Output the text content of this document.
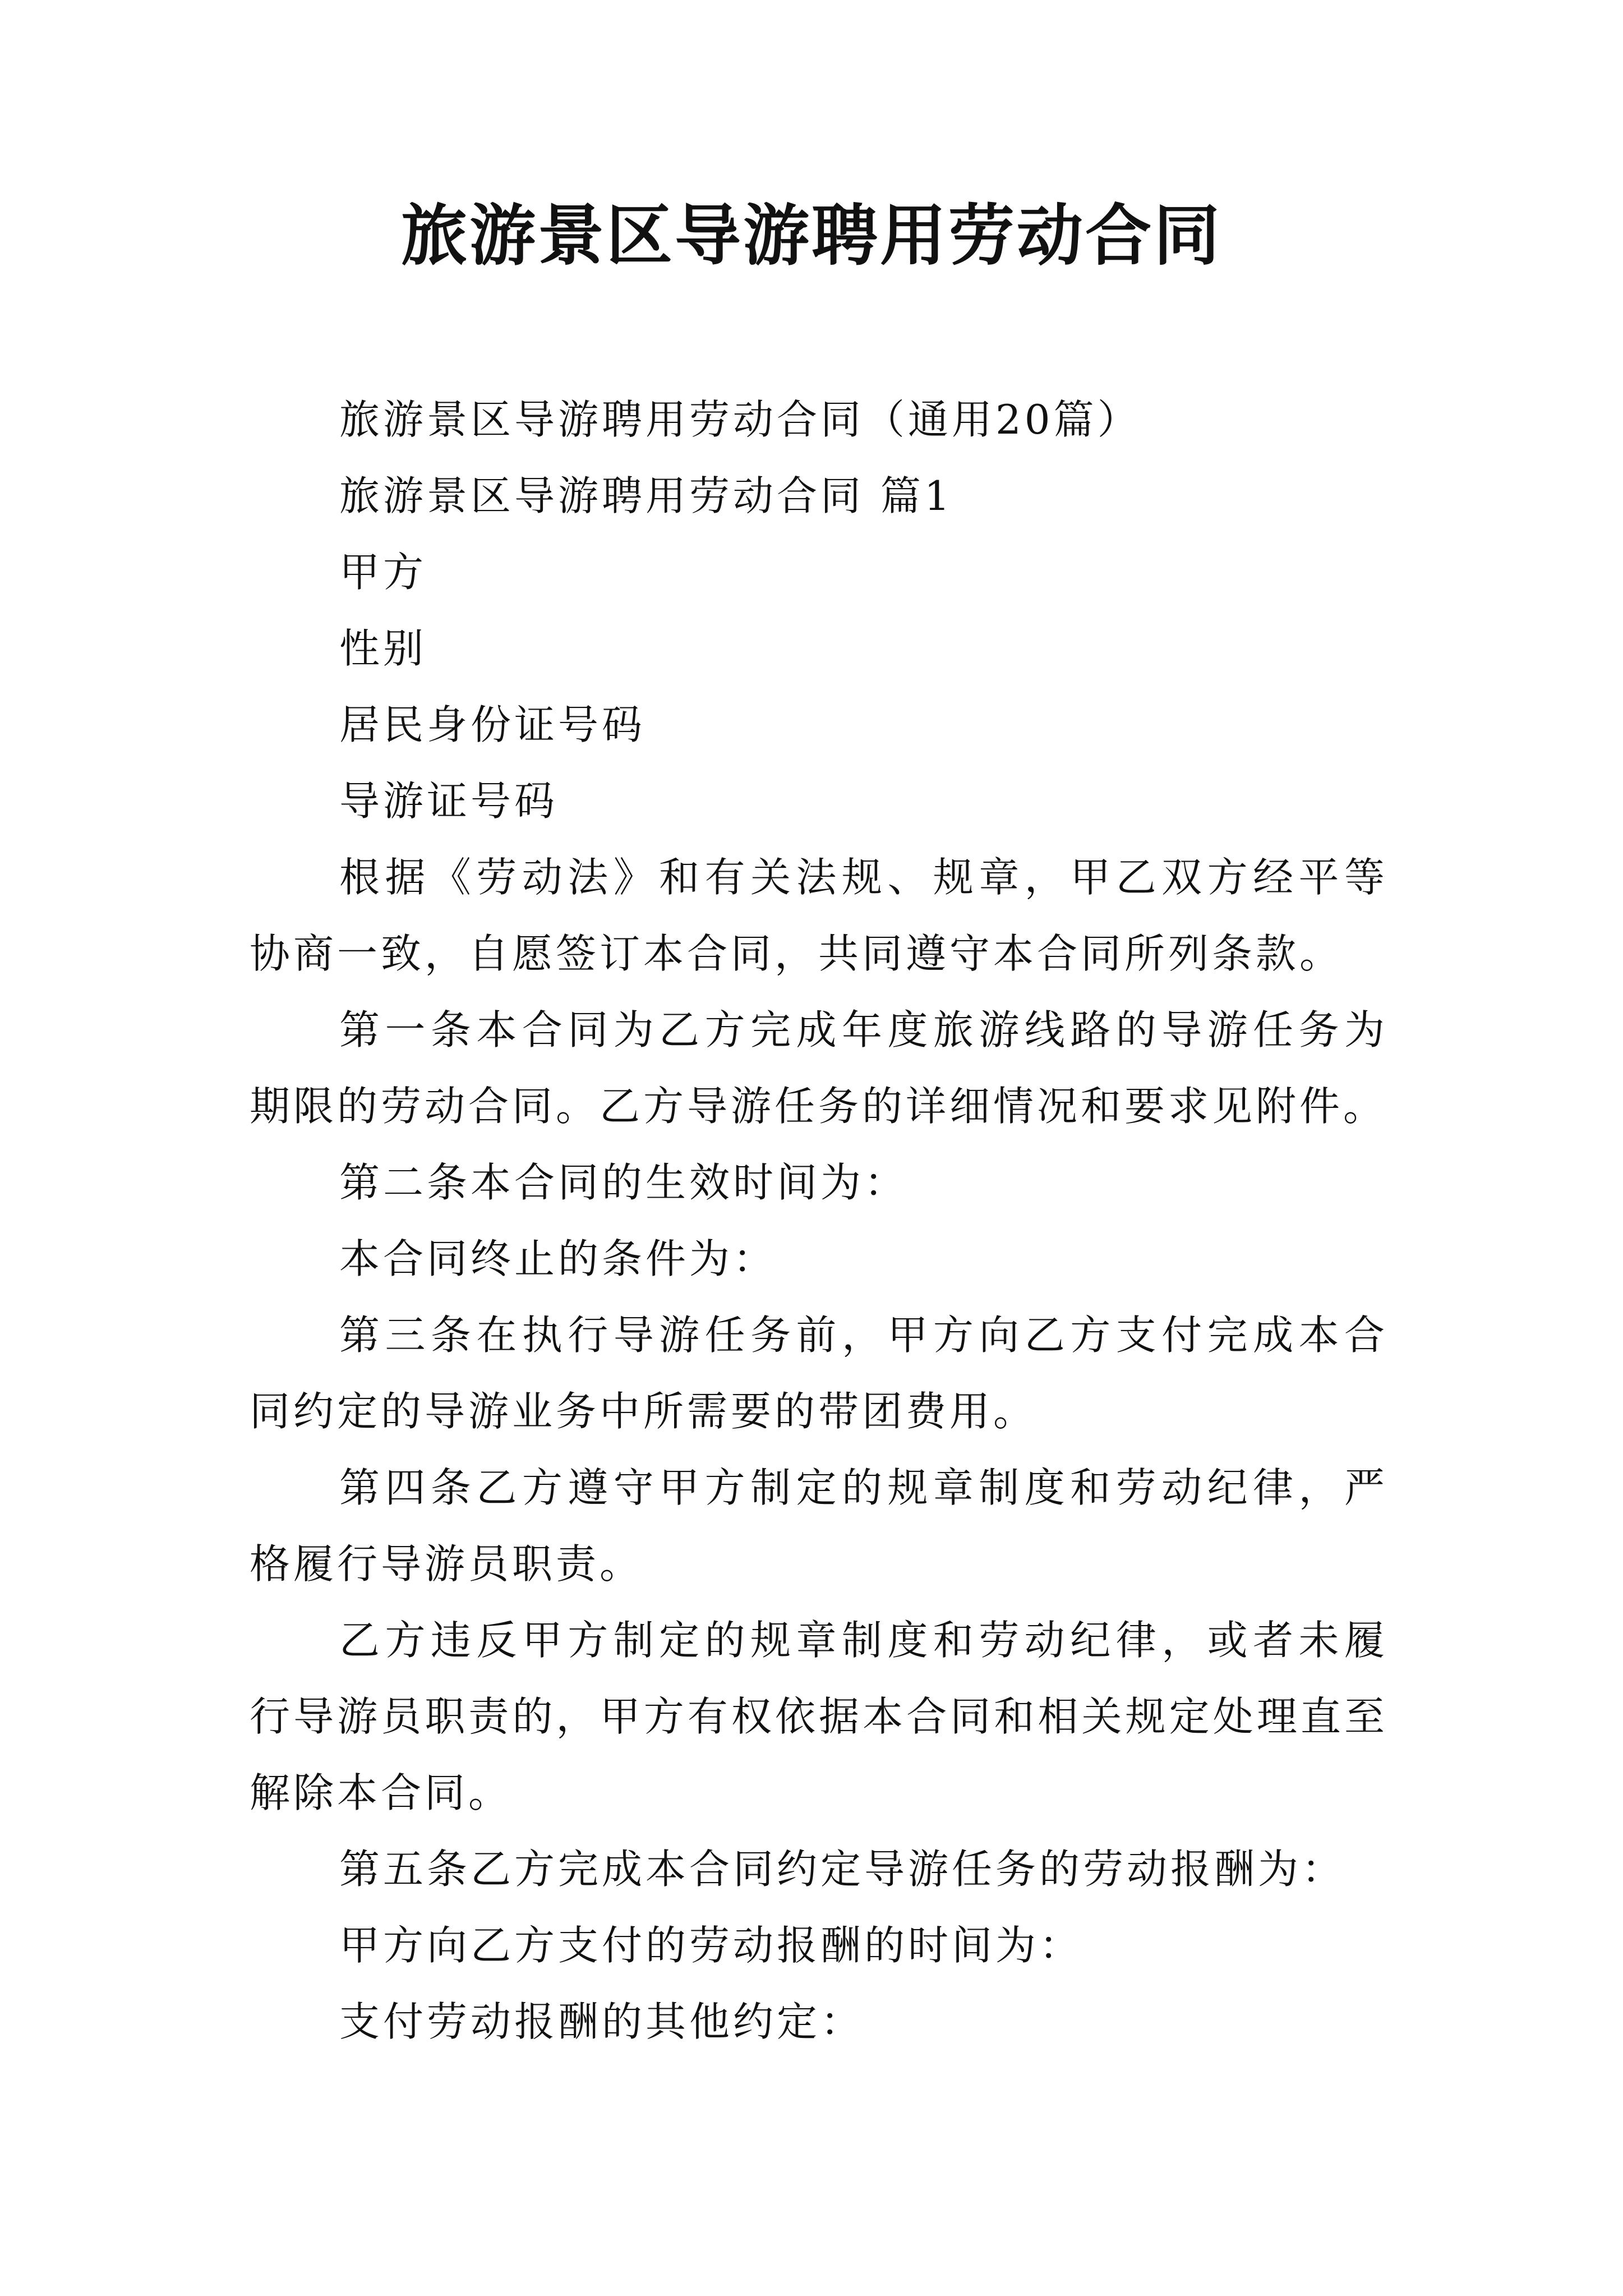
旅游景区导游聘用劳动合同

旅游景区导游聘用劳动合同（通用20篇）

旅游景区导游聘用劳动合同 篇1

甲方

性别

居民身份证号码

导游证号码

根据《劳动法》和有关法规、规章，甲乙双方经平等协商一致，自愿签订本合同，共同遵守本合同所列条款。

第一条本合同为乙方完成年度旅游线路的导游任务为期限的劳动合同。乙方导游任务的详细情况和要求见附件。

第二条本合同的生效时间为：

本合同终止的条件为：

第三条在执行导游任务前，甲方向乙方支付完成本合同约定的导游业务中所需要的带团费用。

第四条乙方遵守甲方制定的规章制度和劳动纪律，严格履行导游员职责。

乙方违反甲方制定的规章制度和劳动纪律，或者未履行导游员职责的，甲方有权依据本合同和相关规定处理直至解除本合同。

第五条乙方完成本合同约定导游任务的劳动报酬为：

甲方向乙方支付的劳动报酬的时间为：

支付劳动报酬的其他约定：
